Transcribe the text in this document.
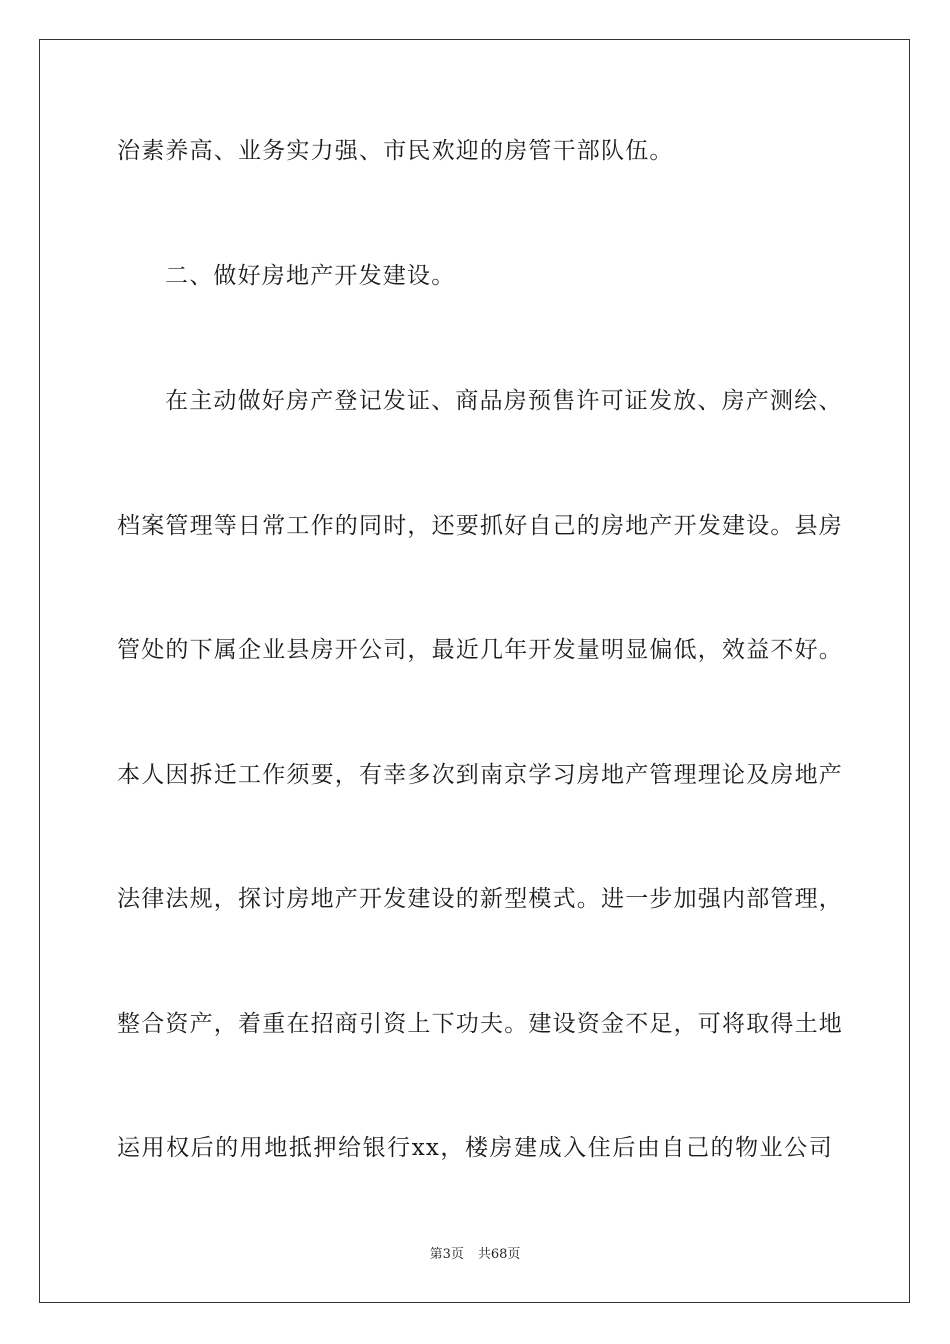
治素养高、业务实力强、市民欢迎的房管干部队伍。
二、做好房地产开发建设。
在主动做好房产登记发证、商品房预售许可证发放、房产测绘、
档案管理等日常工作的同时，还要抓好自己的房地产开发建设。县房
管处的下属企业县房开公司，最近几年开发量明显偏低，效益不好。
本人因拆迁工作须要，有幸多次到南京学习房地产管理理论及房地产
法律法规，探讨房地产开发建设的新型模式。进一步加强内部管理，
整合资产，着重在招商引资上下功夫。建设资金不足，可将取得土地
运用权后的用地抵押给银行xx，楼房建成入住后由自己的物业公司
第3页 共68页
